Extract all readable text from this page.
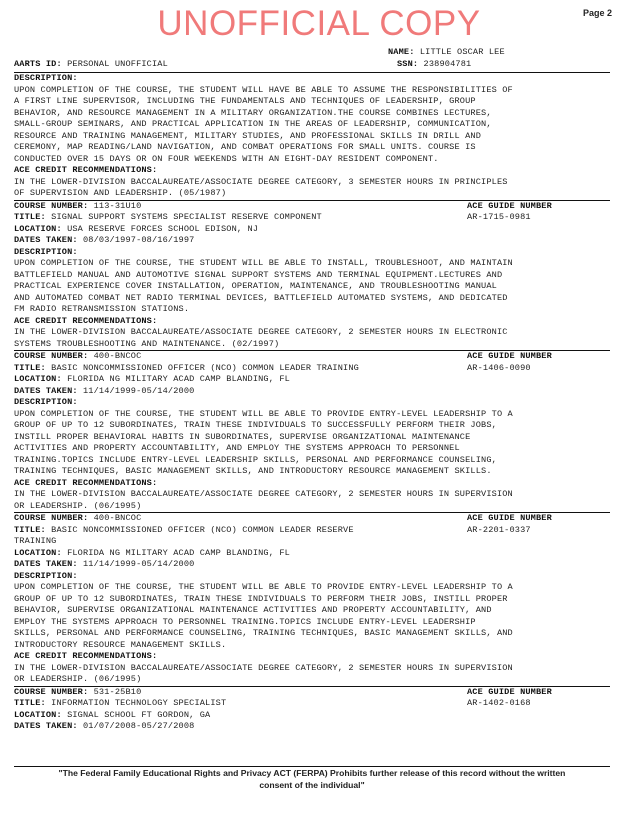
UNOFFICIAL COPY	Page 2
NAME: LITTLE OSCAR LEE
AARTS ID: PERSONAL UNOFFICIAL	SSN: 238904781
DESCRIPTION:
UPON COMPLETION OF THE COURSE, THE STUDENT WILL HAVE BE ABLE TO ASSUME THE RESPONSIBILITIES OF
A FIRST LINE SUPERVISOR, INCLUDING THE FUNDAMENTALS AND TECHNIQUES OF LEADERSHIP, GROUP
BEHAVIOR, AND RESOURCE MANAGEMENT IN A MILITARY ORGANIZATION.THE COURSE COMBINES LECTURES,
SMALL-GROUP SEMINARS, AND PRACTICAL APPLICATION IN THE AREAS OF LEADERSHIP, COMMUNICATION,
RESOURCE AND TRAINING MANAGEMENT, MILITARY STUDIES, AND PROFESSIONAL SKILLS IN DRILL AND
CEREMONY, MAP READING/LAND NAVIGATION, AND COMBAT OPERATIONS FOR SMALL UNITS. COURSE IS
CONDUCTED OVER 15 DAYS OR ON FOUR WEEKENDS WITH AN EIGHT-DAY RESIDENT COMPONENT.
ACE CREDIT RECOMMENDATIONS:
IN THE LOWER-DIVISION BACCALAUREATE/ASSOCIATE DEGREE CATEGORY, 3 SEMESTER HOURS IN PRINCIPLES
OF SUPERVISION AND LEADERSHIP. (05/1987)
COURSE NUMBER: 113-31U10	ACE GUIDE NUMBER
TITLE: SIGNAL SUPPORT SYSTEMS SPECIALIST RESERVE COMPONENT	AR-1715-0981
LOCATION: USA RESERVE FORCES SCHOOL EDISON, NJ
DATES TAKEN: 08/03/1997-08/16/1997
DESCRIPTION:
UPON COMPLETION OF THE COURSE, THE STUDENT WILL BE ABLE TO INSTALL, TROUBLESHOOT, AND MAINTAIN
BATTLEFIELD MANUAL AND AUTOMOTIVE SIGNAL SUPPORT SYSTEMS AND TERMINAL EQUIPMENT.LECTURES AND
PRACTICAL EXPERIENCE COVER INSTALLATION, OPERATION, MAINTENANCE, AND TROUBLESHOOTING MANUAL
AND AUTOMATED COMBAT NET RADIO TERMINAL DEVICES, BATTLEFIELD AUTOMATED SYSTEMS, AND DEDICATED
FM RADIO RETRANSMISSION STATIONS.
ACE CREDIT RECOMMENDATIONS:
IN THE LOWER-DIVISION BACCALAUREATE/ASSOCIATE DEGREE CATEGORY, 2 SEMESTER HOURS IN ELECTRONIC
SYSTEMS TROUBLESHOOTING AND MAINTENANCE. (02/1997)
COURSE NUMBER: 400-BNCOC	ACE GUIDE NUMBER
TITLE: BASIC NONCOMMISSIONED OFFICER (NCO) COMMON LEADER TRAINING	AR-1406-0090
LOCATION: FLORIDA NG MILITARY ACAD CAMP BLANDING, FL
DATES TAKEN: 11/14/1999-05/14/2000
DESCRIPTION:
UPON COMPLETION OF THE COURSE, THE STUDENT WILL BE ABLE TO PROVIDE ENTRY-LEVEL LEADERSHIP TO A
GROUP OF UP TO 12 SUBORDINATES, TRAIN THESE INDIVIDUALS TO SUCCESSFULLY PERFORM THEIR JOBS,
INSTILL PROPER BEHAVIORAL HABITS IN SUBORDINATES, SUPERVISE ORGANIZATIONAL MAINTENANCE
ACTIVITIES AND PROPERTY ACCOUNTABILITY, AND EMPLOY THE SYSTEMS APPROACH TO PERSONNEL
TRAINING.TOPICS INCLUDE ENTRY-LEVEL LEADERSHIP SKILLS, PERSONAL AND PERFORMANCE COUNSELING,
TRAINING TECHNIQUES, BASIC MANAGEMENT SKILLS, AND INTRODUCTORY RESOURCE MANAGEMENT SKILLS.
ACE CREDIT RECOMMENDATIONS:
IN THE LOWER-DIVISION BACCALAUREATE/ASSOCIATE DEGREE CATEGORY, 2 SEMESTER HOURS IN SUPERVISION
OR LEADERSHIP. (06/1995)
COURSE NUMBER: 400-BNCOC	ACE GUIDE NUMBER
TITLE: BASIC NONCOMMISSIONED OFFICER (NCO) COMMON LEADER RESERVE	AR-2201-0337
TRAINING
LOCATION: FLORIDA NG MILITARY ACAD CAMP BLANDING, FL
DATES TAKEN: 11/14/1999-05/14/2000
DESCRIPTION:
UPON COMPLETION OF THE COURSE, THE STUDENT WILL BE ABLE TO PROVIDE ENTRY-LEVEL LEADERSHIP TO A
GROUP OF UP TO 12 SUBORDINATES, TRAIN THESE INDIVIDUALS TO PERFORM THEIR JOBS, INSTILL PROPER
BEHAVIOR, SUPERVISE ORGANIZATIONAL MAINTENANCE ACTIVITIES AND PROPERTY ACCOUNTABILITY, AND
EMPLOY THE SYSTEMS APPROACH TO PERSONNEL TRAINING.TOPICS INCLUDE ENTRY-LEVEL LEADERSHIP
SKILLS, PERSONAL AND PERFORMANCE COUNSELING, TRAINING TECHNIQUES, BASIC MANAGEMENT SKILLS, AND
INTRODUCTORY RESOURCE MANAGEMENT SKILLS.
ACE CREDIT RECOMMENDATIONS:
IN THE LOWER-DIVISION BACCALAUREATE/ASSOCIATE DEGREE CATEGORY, 2 SEMESTER HOURS IN SUPERVISION
OR LEADERSHIP. (06/1995)
COURSE NUMBER: 531-25B10	ACE GUIDE NUMBER
TITLE: INFORMATION TECHNOLOGY SPECIALIST	AR-1402-0168
LOCATION: SIGNAL SCHOOL FT GORDON, GA
DATES TAKEN: 01/07/2008-05/27/2008
"The Federal Family Educational Rights and Privacy ACT (FERPA) Prohibits further release of this record without the written
consent of the individual"
